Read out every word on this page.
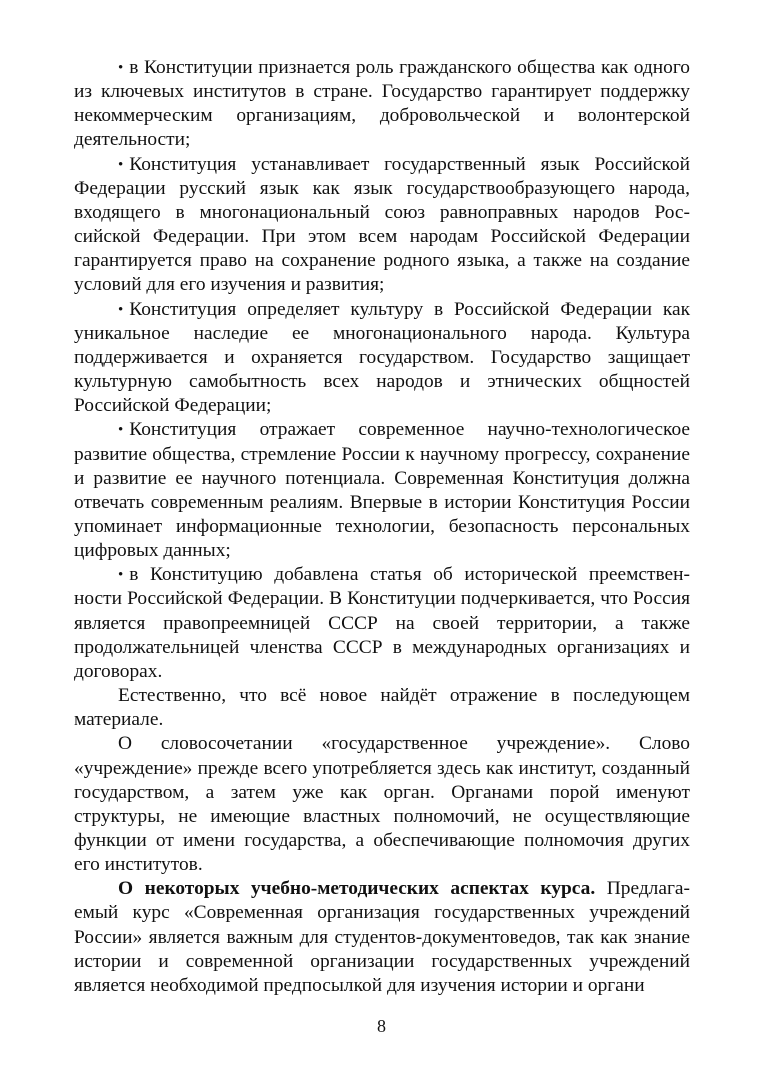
• в Конституции признается роль гражданского общества как одного из ключевых институтов в стране. Государство гарантирует поддержку некоммерческим организациям, добровольческой и волонтерской деятельности;

• Конституция устанавливает государственный язык Российской Федерации русский язык как язык государствообразующего народа, входящего в многонациональный союз равноправных народов Российской Федерации. При этом всем народам Российской Федерации гарантируется право на сохранение родного языка, а также на создание условий для его изучения и развития;

• Конституция определяет культуру в Российской Федерации как уникальное наследие ее многонационального народа. Культура поддерживается и охраняется государством. Государство защищает культурную самобытность всех народов и этнических общностей Российской Федерации;

• Конституция отражает современное научно-технологическое развитие общества, стремление России к научному прогрессу, сохранение и развитие ее научного потенциала. Современная Конституция должна отвечать современным реалиям. Впервые в истории Конституция России упоминает информационные технологии, безопасность персональных цифровых данных;

• в Конституцию добавлена статья об исторической преемственности Российской Федерации. В Конституции подчеркивается, что Россия является правопреемницей СССР на своей территории, а также продолжательницей членства СССР в международных организациях и договорах.

Естественно, что всё новое найдёт отражение в последующем материале.

О словосочетании «государственное учреждение». Слово «учреждение» прежде всего употребляется здесь как институт, созданный государством, а затем уже как орган. Органами порой именуют структуры, не имеющие властных полномочий, не осуществляющие функции от имени государства, а обеспечивающие полномочия других его институтов.

О некоторых учебно-методических аспектах курса. Предлагаемый курс «Современная организация государственных учреждений России» является важным для студентов-документоведов, так как знание истории и современной организации государственных учреждений является необходимой предпосылкой для изучения истории и органи

8
